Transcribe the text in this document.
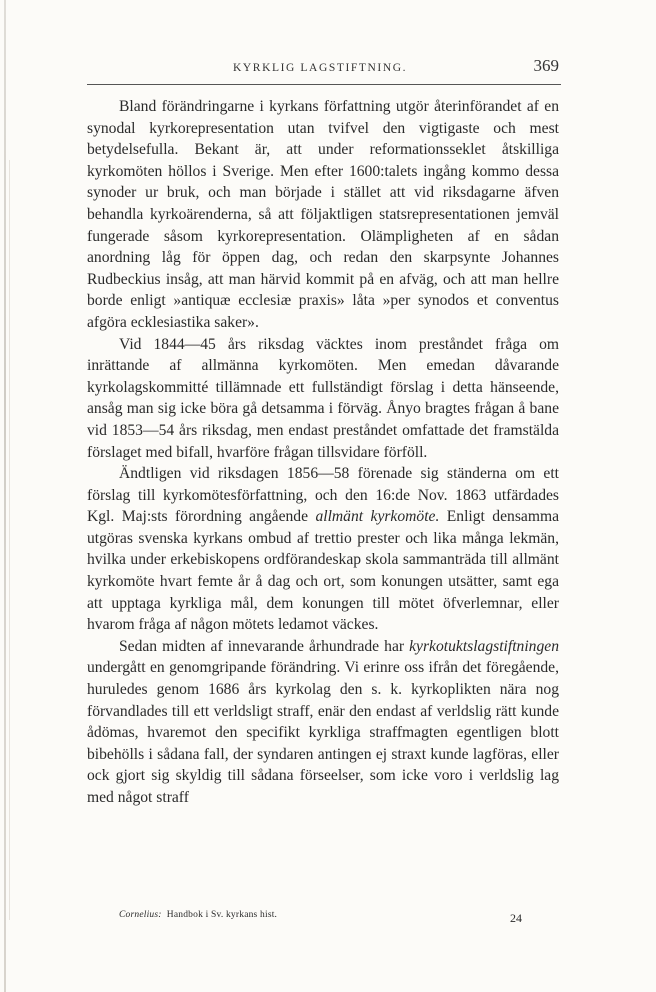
KYRKLIG LAGSTIFTNING.	369

Bland förändringarne i kyrkans författning utgör återinförandet af en synodal kyrkorepresentation utan tvifvel den vigtigaste och mest betydelsefulla. Bekant är, att under reformationsseklet åtskilliga kyrkomöten höllos i Sverige. Men efter 1600:talets ingång kommo dessa synoder ur bruk, och man började i stället att vid riksdagarne äfven behandla kyrkoärenderna, så att följaktligen statsrepresentationen jemväl fungerade såsom kyrkorepresentation. Olämpligheten af en sådan anordning låg för öppen dag, och redan den skarpsynte Johannes Rudbeckius insåg, att man härvid kommit på en afväg, och att man hellre borde enligt »antiquæ ecclesiæ praxis» låta »per synodos et conventus afgöra ecklesiastika saker».

Vid 1844—45 års riksdag väcktes inom preståndet fråga om inrättande af allmänna kyrkomöten. Men emedan dåvarande kyrkolagskommitté tillämnade ett fullständigt förslag i detta hänseende, ansåg man sig icke böra gå detsamma i förväg. Ånyo bragtes frågan å bane vid 1853—54 års riksdag, men endast preståndet omfattade det framstälda förslaget med bifall, hvarföre frågan tillsvidare förföll.

Ändtligen vid riksdagen 1856—58 förenade sig ständerna om ett förslag till kyrkomötesförfattning, och den 16:de Nov. 1863 utfärdades Kgl. Maj:sts förordning angående allmänt kyrkomöte. Enligt densamma utgöras svenska kyrkans ombud af trettio prester och lika många lekmän, hvilka under erkebiskopens ordförandeskap skola sammanträda till allmänt kyrkomöte hvart femte år å dag och ort, som konungen utsätter, samt ega att upptaga kyrkliga mål, dem konungen till mötet öfverlemnar, eller hvarom fråga af någon mötets ledamot väckes.

Sedan midten af innevarande århundrade har kyrkotuktslagstiftningen undergått en genomgripande förändring. Vi erinre oss ifrån det föregående, huruledes genom 1686 års kyrkolag den s. k. kyrkoplikten nära nog förvandlades till ett verldsligt straff, enär den endast af verldslig rätt kunde ådömas, hvaremot den specifikt kyrkliga straffmagten egentligen blott bibehölls i sådana fall, der syndaren antingen ej straxt kunde lagföras, eller ock gjort sig skyldig till sådana förseelser, som icke voro i verldslig lag med något straff

Cornelius: Handbok i Sv. kyrkans hist.	24
